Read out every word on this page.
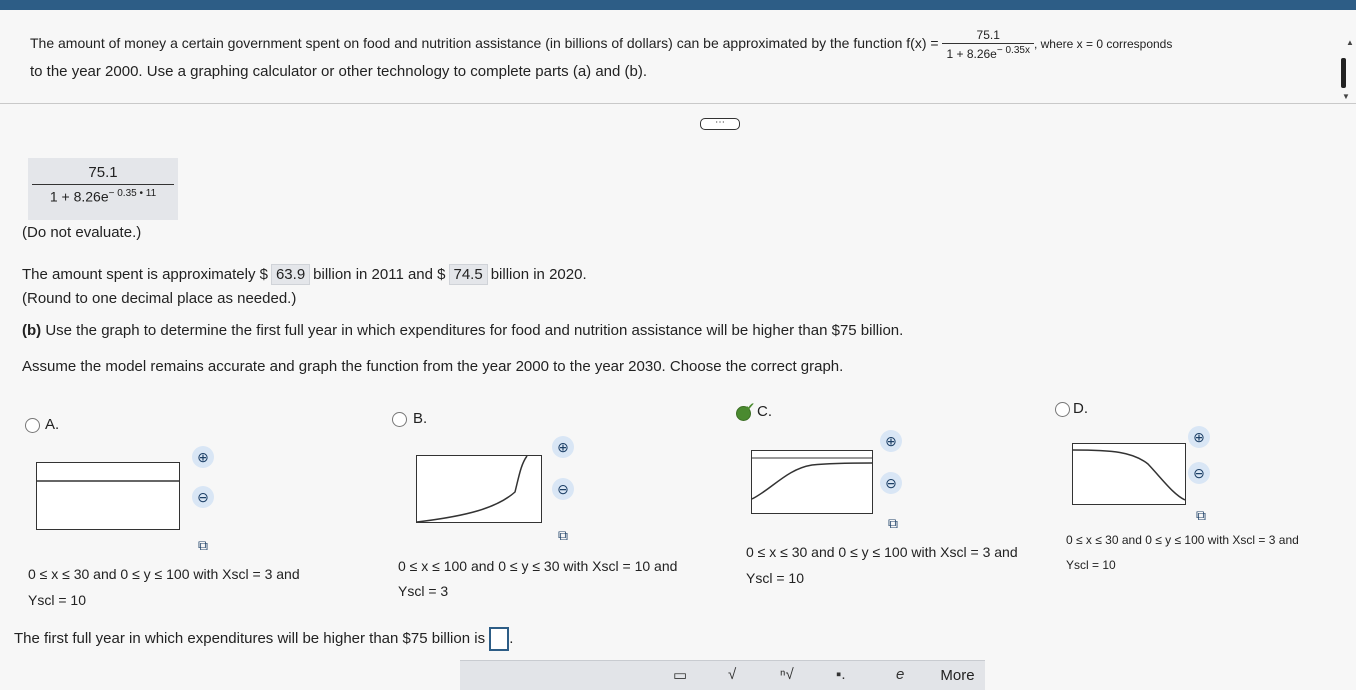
The amount of money a certain government spent on food and nutrition assistance (in billions of dollars) can be approximated by the function $f(x) = \frac{75.1}{1 + 8.26e^{- 0.35x}}$ , where x = 0 corresponds
to the year 2000. Use a graphing calculator or other technology to complete parts (a) and (b).
▲
▼
⋯
75.1
$1 + 8.26e^{- 0.35 • 11}$
(Do not evaluate.)
The amount spent is approximately $ 63.9 billion in 2011 and $ 74.5 billion in 2020.
(Round to one decimal place as needed.)
(b) Use the graph to determine the first full year in which expenditures for food and nutrition assistance will be higher than $75 billion.
Assume the model remains accurate and graph the function from the year 2000 to the year 2030. Choose the correct graph.
A.
⊕
⊖
⧉
0 ≤ x ≤ 30 and 0 ≤ y ≤ 100 with Xscl = 3 and
Yscl = 10
B.
⊕
⊖
⧉
0 ≤ x ≤ 100 and 0 ≤ y ≤ 30 with Xscl = 10 and
Yscl = 3
✔ C.
⊕
⊖
⧉
0 ≤ x ≤ 30 and 0 ≤ y ≤ 100 with Xscl = 3 and
Yscl = 10
D.
⊕
⊖
⧉
0 ≤ x ≤ 30 and 0 ≤ y ≤ 100 with Xscl = 3 and
Yscl = 10
The first full year in which expenditures will be higher than $75 billion is .
▭	√	ⁿ√	▪.	e	More
